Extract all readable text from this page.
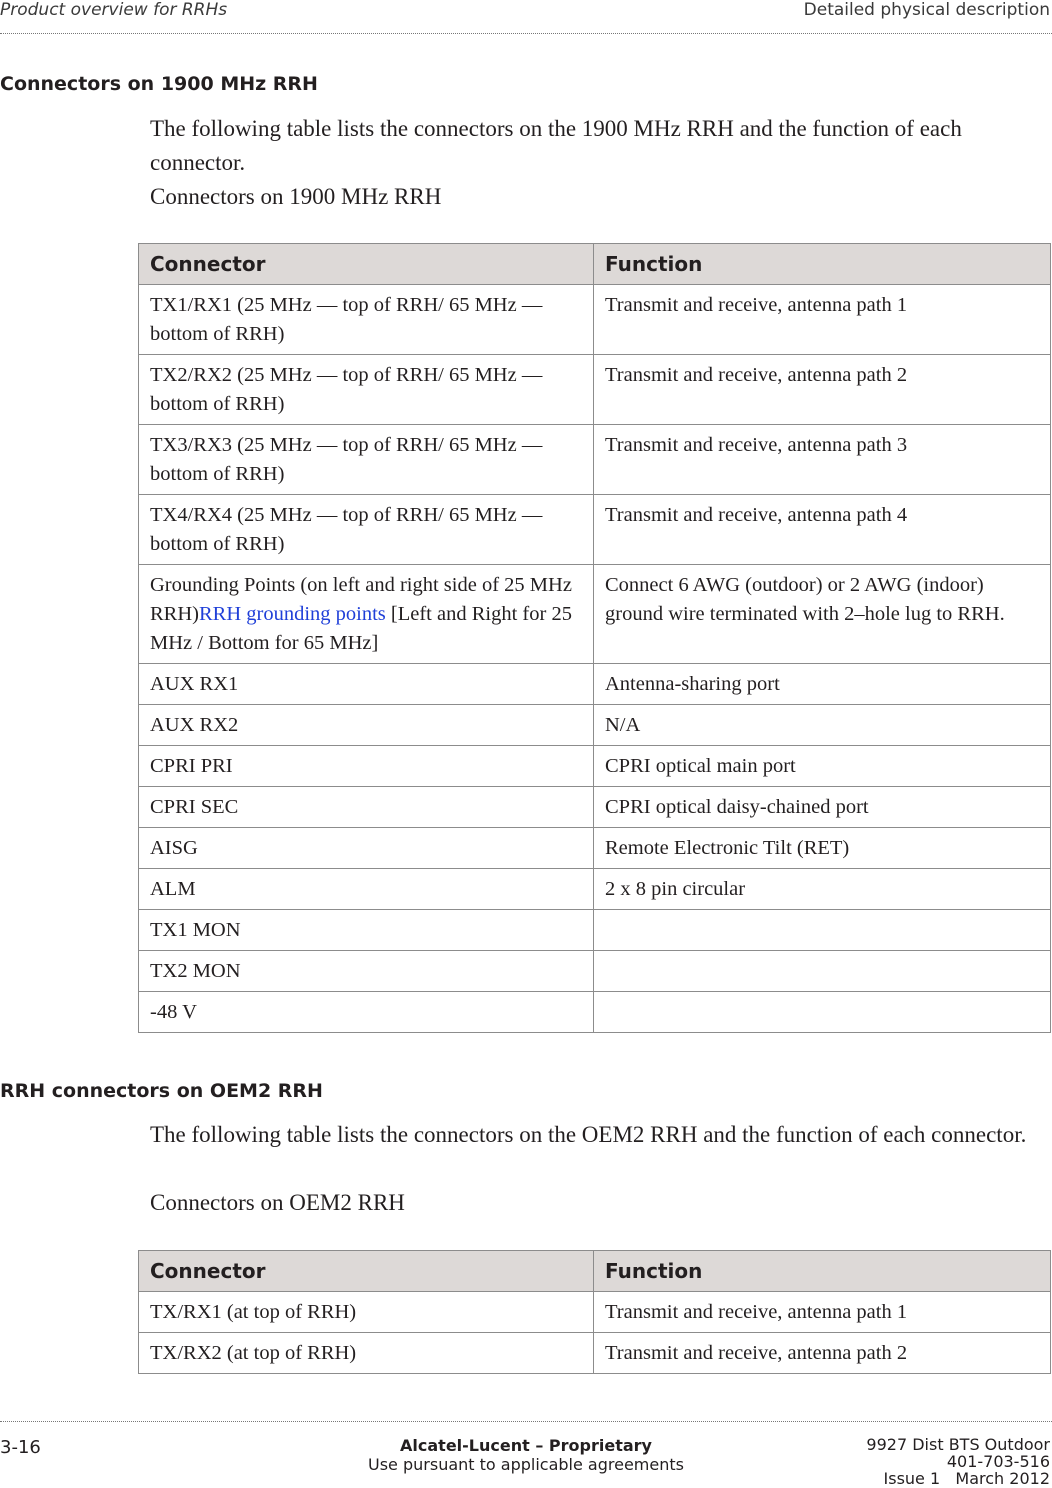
Product overview for RRHs	Detailed physical description
Connectors on 1900 MHz RRH
The following table lists the connectors on the 1900 MHz RRH and the function of each connector.
Connectors on 1900 MHz RRH
Connector	Function
TX1/RX1 (25 MHz — top of RRH/ 65 MHz — bottom of RRH)	Transmit and receive, antenna path 1
TX2/RX2 (25 MHz — top of RRH/ 65 MHz — bottom of RRH)	Transmit and receive, antenna path 2
TX3/RX3 (25 MHz — top of RRH/ 65 MHz — bottom of RRH)	Transmit and receive, antenna path 3
TX4/RX4 (25 MHz — top of RRH/ 65 MHz — bottom of RRH)	Transmit and receive, antenna path 4
Grounding Points (on left and right side of 25 MHz RRH)RRH grounding points [Left and Right for 25 MHz / Bottom for 65 MHz]	Connect 6 AWG (outdoor) or 2 AWG (indoor) ground wire terminated with 2–hole lug to RRH.
AUX RX1	Antenna-sharing port
AUX RX2	N/A
CPRI PRI	CPRI optical main port
CPRI SEC	CPRI optical daisy-chained port
AISG	Remote Electronic Tilt (RET)
ALM	2 x 8 pin circular
TX1 MON	
TX2 MON	
-48 V	
RRH connectors on OEM2 RRH
The following table lists the connectors on the OEM2 RRH and the function of each connector.
Connectors on OEM2 RRH
Connector	Function
TX/RX1 (at top of RRH)	Transmit and receive, antenna path 1
TX/RX2 (at top of RRH)	Transmit and receive, antenna path 2
3-16	Alcatel-Lucent – Proprietary
Use pursuant to applicable agreements
9927 Dist BTS Outdoor
401-703-516
Issue 1   March 2012
